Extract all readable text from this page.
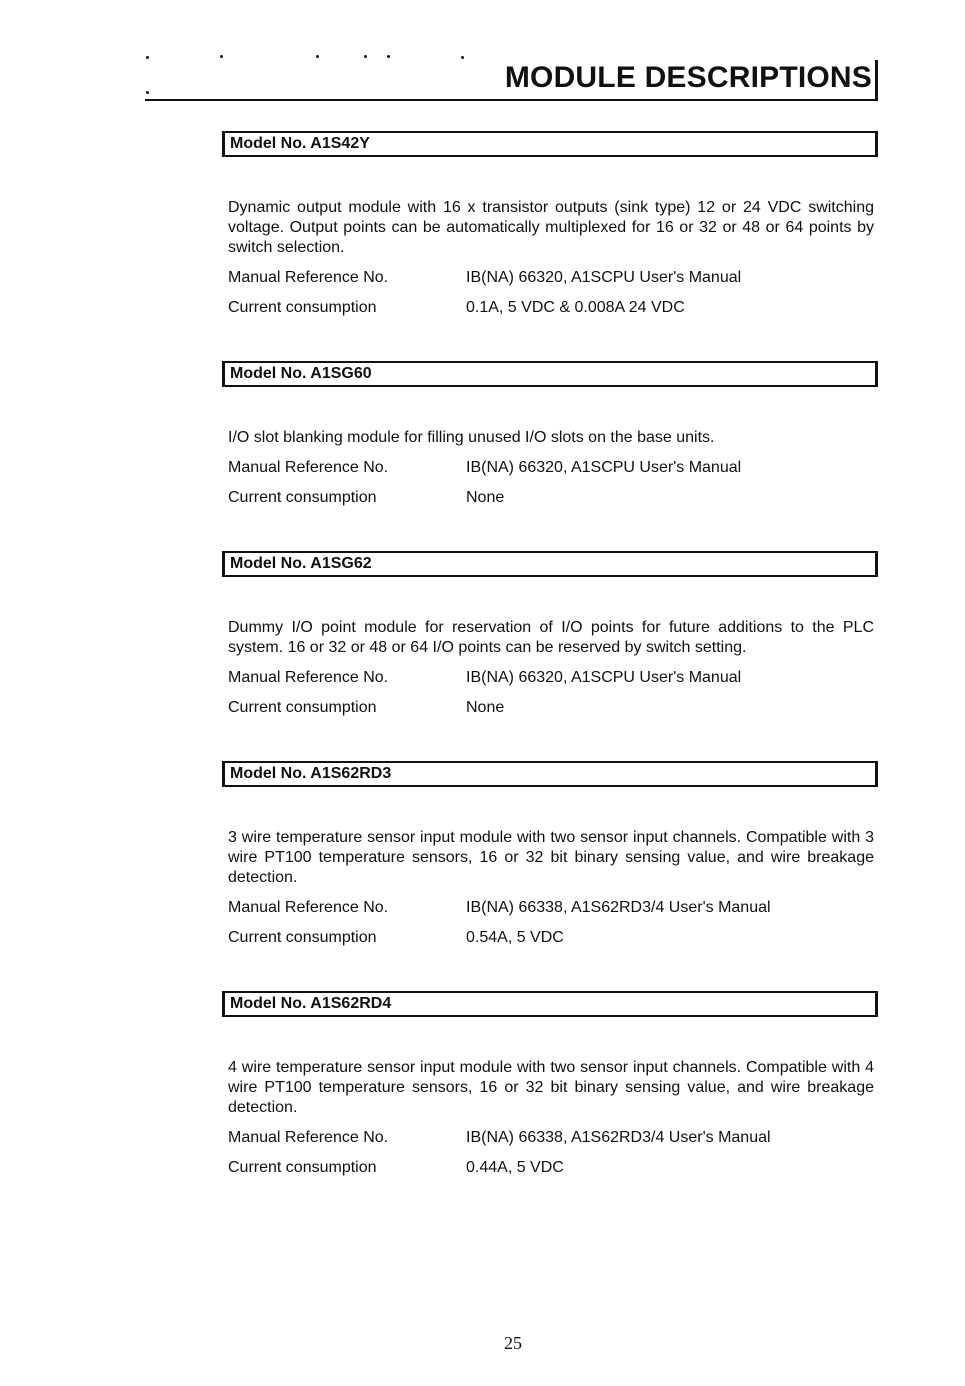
MODULE DESCRIPTIONS
Model No. A1S42Y
Dynamic output module with 16 x transistor outputs (sink type) 12 or 24 VDC switching voltage. Output points can be automatically multiplexed for 16 or 32 or 48 or 64 points by switch selection.
Manual Reference No.	IB(NA) 66320, A1SCPU User's Manual
Current consumption	0.1A, 5 VDC & 0.008A 24 VDC
Model No. A1SG60
I/O slot blanking module for filling unused I/O slots on the base units.
Manual Reference No.	IB(NA) 66320, A1SCPU User's Manual
Current consumption	None
Model No. A1SG62
Dummy I/O point module for reservation of I/O points for future additions to the PLC system. 16 or 32 or 48 or 64 I/O points can be reserved by switch setting.
Manual Reference No.	IB(NA) 66320, A1SCPU User's Manual
Current consumption	None
Model No. A1S62RD3
3 wire temperature sensor input module with two sensor input channels. Compatible with 3 wire PT100 temperature sensors, 16 or 32 bit binary sensing value, and wire breakage detection.
Manual Reference No.	IB(NA) 66338, A1S62RD3/4 User's Manual
Current consumption	0.54A, 5 VDC
Model No. A1S62RD4
4 wire temperature sensor input module with two sensor input channels. Compatible with 4 wire PT100 temperature sensors, 16 or 32 bit binary sensing value, and wire breakage detection.
Manual Reference No.	IB(NA) 66338, A1S62RD3/4 User's Manual
Current consumption	0.44A, 5 VDC
25
